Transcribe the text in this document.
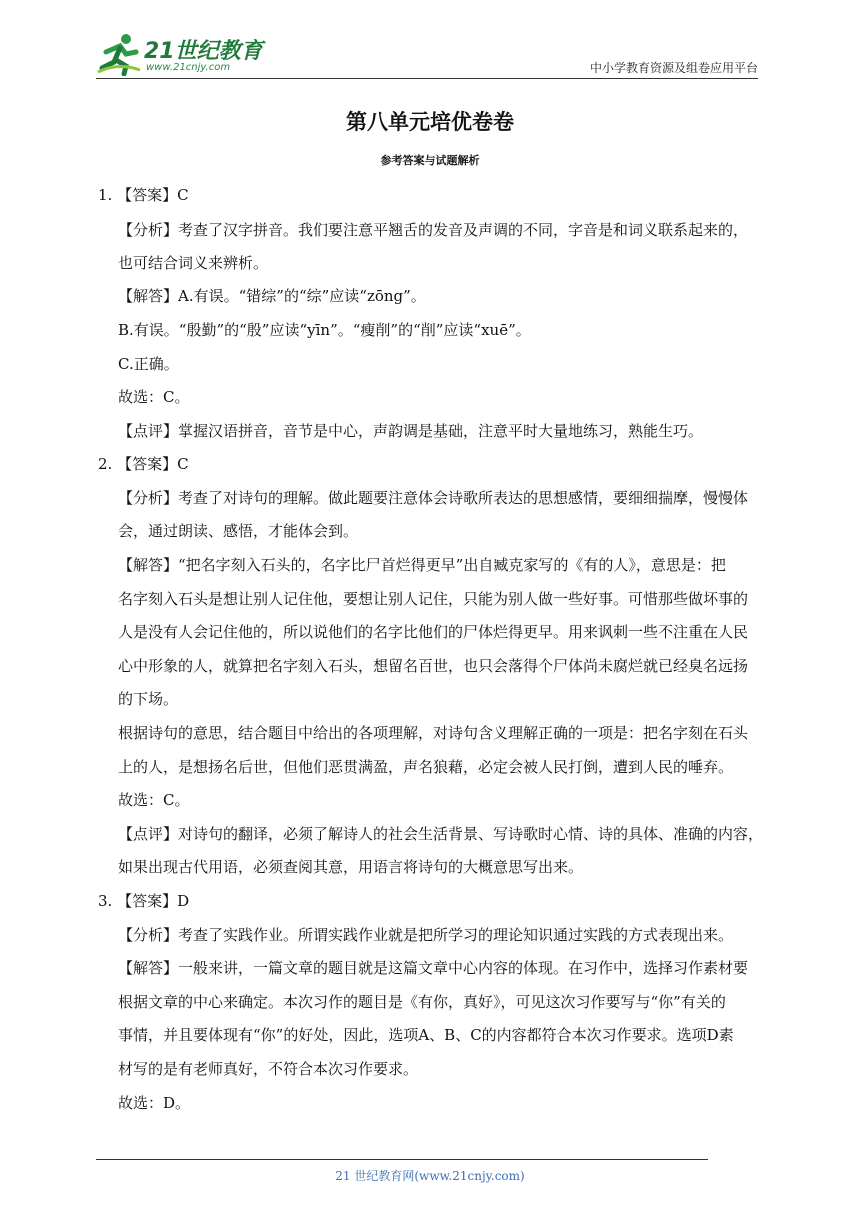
21世纪教育
www.21cnjy.com	中小学教育资源及组卷应用平台
第八单元培优卷卷
参考答案与试题解析
1. 【答案】C
【分析】考查了汉字拼音。我们要注意平翘舌的发音及声调的不同，字音是和词义联系起来的，
也可结合词义来辨析。
【解答】A.有误。“错综”的“综”应读“zōng”。
B.有误。“殷勤”的“殷”应读“yīn”。“瘦削”的“削”应读“xuē”。
C.正确。
故选：C。
【点评】掌握汉语拼音，音节是中心，声韵调是基础，注意平时大量地练习，熟能生巧。
2. 【答案】C
【分析】考查了对诗句的理解。做此题要注意体会诗歌所表达的思想感情，要细细揣摩，慢慢体
会，通过朗读、感悟，才能体会到。
【解答】“把名字刻入石头的，名字比尸首烂得更早”出自臧克家写的《有的人》，意思是：把
名字刻入石头是想让别人记住他，要想让别人记住，只能为别人做一些好事。可惜那些做坏事的
人是没有人会记住他的，所以说他们的名字比他们的尸体烂得更早。用来讽刺一些不注重在人民
心中形象的人，就算把名字刻入石头，想留名百世，也只会落得个尸体尚未腐烂就已经臭名远扬
的下场。
根据诗句的意思，结合题目中给出的各项理解，对诗句含义理解正确的一项是：把名字刻在石头
上的人，是想扬名后世，但他们恶贯满盈，声名狼藉，必定会被人民打倒，遭到人民的唾弃。
故选：C。
【点评】对诗句的翻译，必须了解诗人的社会生活背景、写诗歌时心情、诗的具体、准确的内容，
如果出现古代用语，必须查阅其意，用语言将诗句的大概意思写出来。
3. 【答案】D
【分析】考查了实践作业。所谓实践作业就是把所学习的理论知识通过实践的方式表现出来。
【解答】一般来讲，一篇文章的题目就是这篇文章中心内容的体现。在习作中，选择习作素材要
根据文章的中心来确定。本次习作的题目是《有你，真好》，可见这次习作要写与“你”有关的
事情，并且要体现有“你”的好处，因此，选项A、B、C的内容都符合本次习作要求。选项D素
材写的是有老师真好，不符合本次习作要求。
故选：D。
21 世纪教育网(www.21cnjy.com)
